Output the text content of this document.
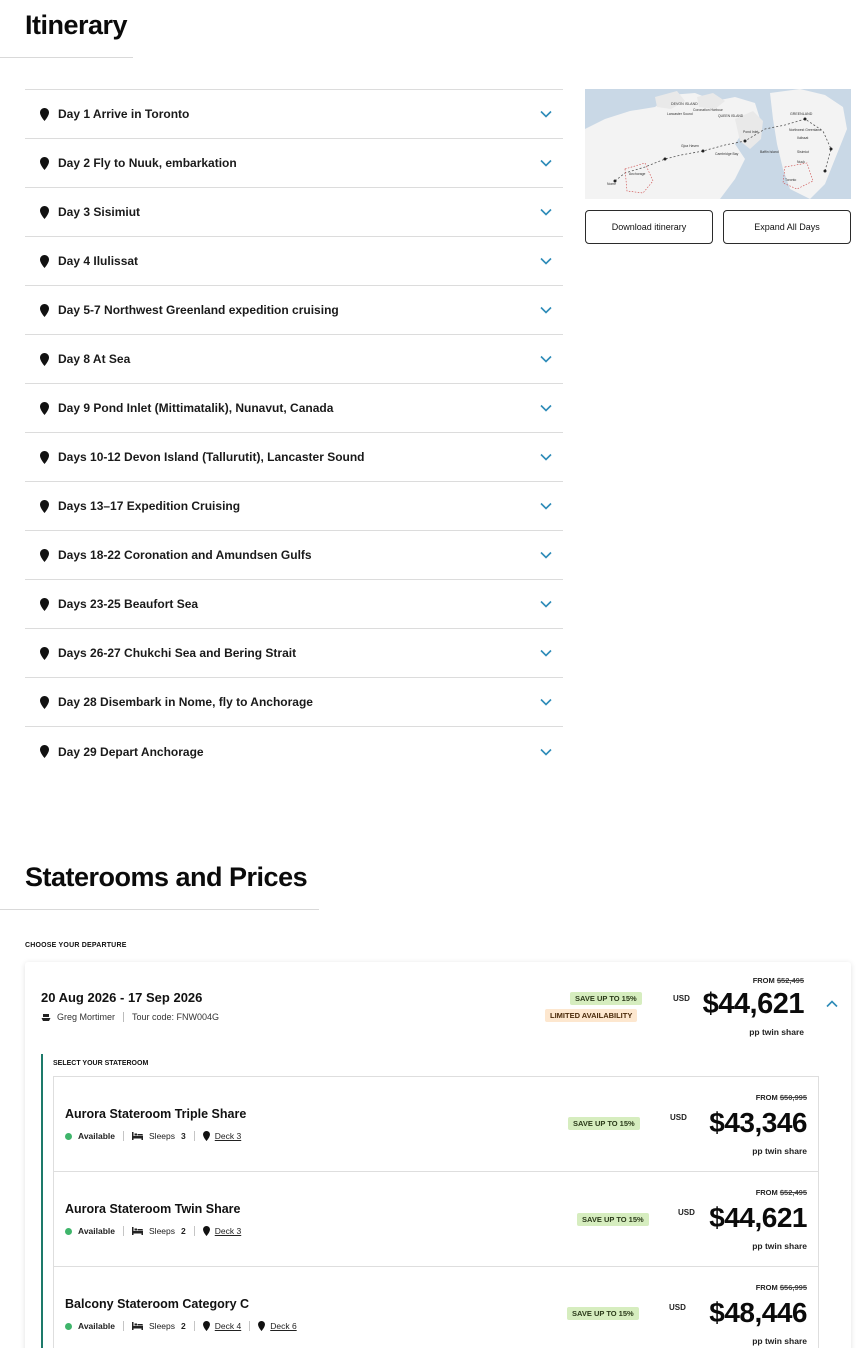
Itinerary
Day 1 Arrive in Toronto
Day 2 Fly to Nuuk, embarkation
Day 3 Sisimiut
Day 4 Ilulissat
Day 5-7 Northwest Greenland expedition cruising
Day 8 At Sea
Day 9 Pond Inlet (Mittimatalik), Nunavut, Canada
Days 10-12 Devon Island (Tallurutit), Lancaster Sound
Days 13–17 Expedition Cruising
Days 18-22 Coronation and Amundsen Gulfs
Days 23-25 Beaufort Sea
Days 26-27 Chukchi Sea and Bering Strait
Day 28 Disembark in Nome, fly to Anchorage
Day 29 Depart Anchorage
DEVON ISLAND
Lancaster Sound
Coronation Harbour
GREENLAND
Nome
Anchorage
Pond Inlet
Baffin Island	Sisimiut
Nuuk
Cambridge Bay
Ilulissat
Northwest Greenland
QUEEN ISLAND
Gjoa Haven
Toronto
Download itinerary	Expand All Days
Staterooms and Prices
CHOOSE YOUR DEPARTURE
20 Aug 2026 - 17 Sep 2026
Greg Mortimer Tour code: FNW004G
SAVE UP TO 15%
LIMITED AVAILABILITY
FROM $52,495
USD $44,621
pp twin share
SELECT YOUR STATEROOM
Aurora Stateroom Triple Share
Available	Sleeps 3	Deck 3
SAVE UP TO 15%
FROM $50,995
USD $43,346
pp twin share
Aurora Stateroom Twin Share
Available	Sleeps 2	Deck 3
SAVE UP TO 15%
FROM $52,495
USD $44,621
pp twin share
Balcony Stateroom Category C
Available	Sleeps 2	Deck 4	Deck 6
SAVE UP TO 15%
FROM $56,995
USD $48,446
pp twin share
